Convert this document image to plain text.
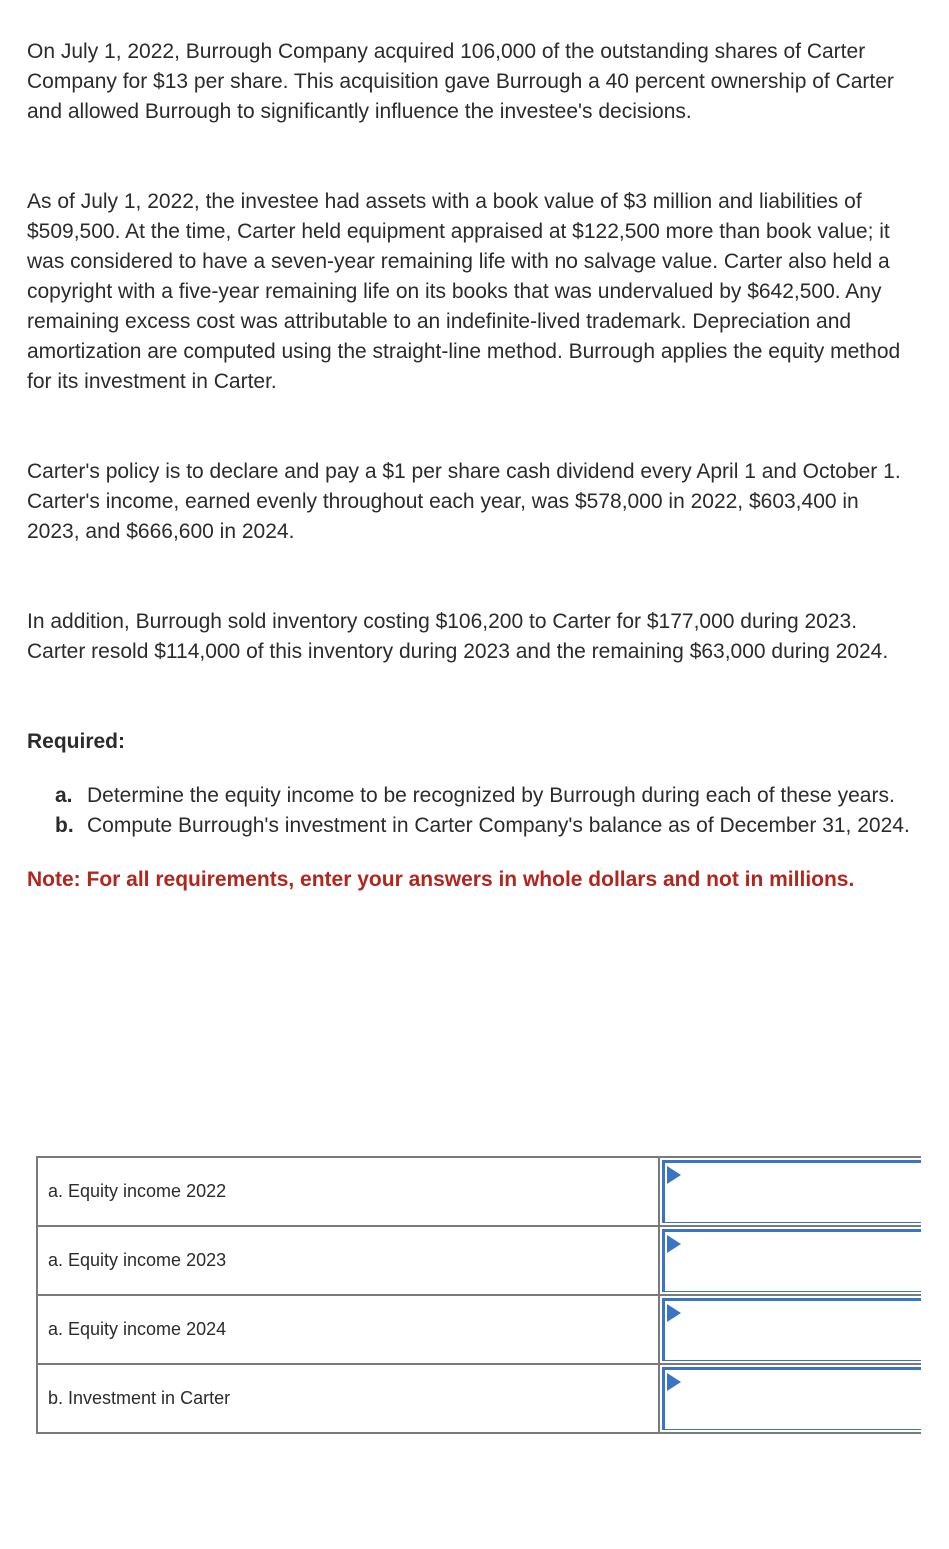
On July 1, 2022, Burrough Company acquired 106,000 of the outstanding shares of Carter Company for $13 per share. This acquisition gave Burrough a 40 percent ownership of Carter and allowed Burrough to significantly influence the investee's decisions.

As of July 1, 2022, the investee had assets with a book value of $3 million and liabilities of $509,500. At the time, Carter held equipment appraised at $122,500 more than book value; it was considered to have a seven-year remaining life with no salvage value. Carter also held a copyright with a five-year remaining life on its books that was undervalued by $642,500. Any remaining excess cost was attributable to an indefinite-lived trademark. Depreciation and amortization are computed using the straight-line method. Burrough applies the equity method for its investment in Carter.

Carter's policy is to declare and pay a $1 per share cash dividend every April 1 and October 1. Carter's income, earned evenly throughout each year, was $578,000 in 2022, $603,400 in 2023, and $666,600 in 2024.

In addition, Burrough sold inventory costing $106,200 to Carter for $177,000 during 2023. Carter resold $114,000 of this inventory during 2023 and the remaining $63,000 during 2024.

Required:

a. Determine the equity income to be recognized by Burrough during each of these years.
b. Compute Burrough's investment in Carter Company's balance as of December 31, 2024.

Note: For all requirements, enter your answers in whole dollars and not in millions.

a. Equity income 2022	

a. Equity income 2023	

a. Equity income 2024	

b. Investment in Carter	
